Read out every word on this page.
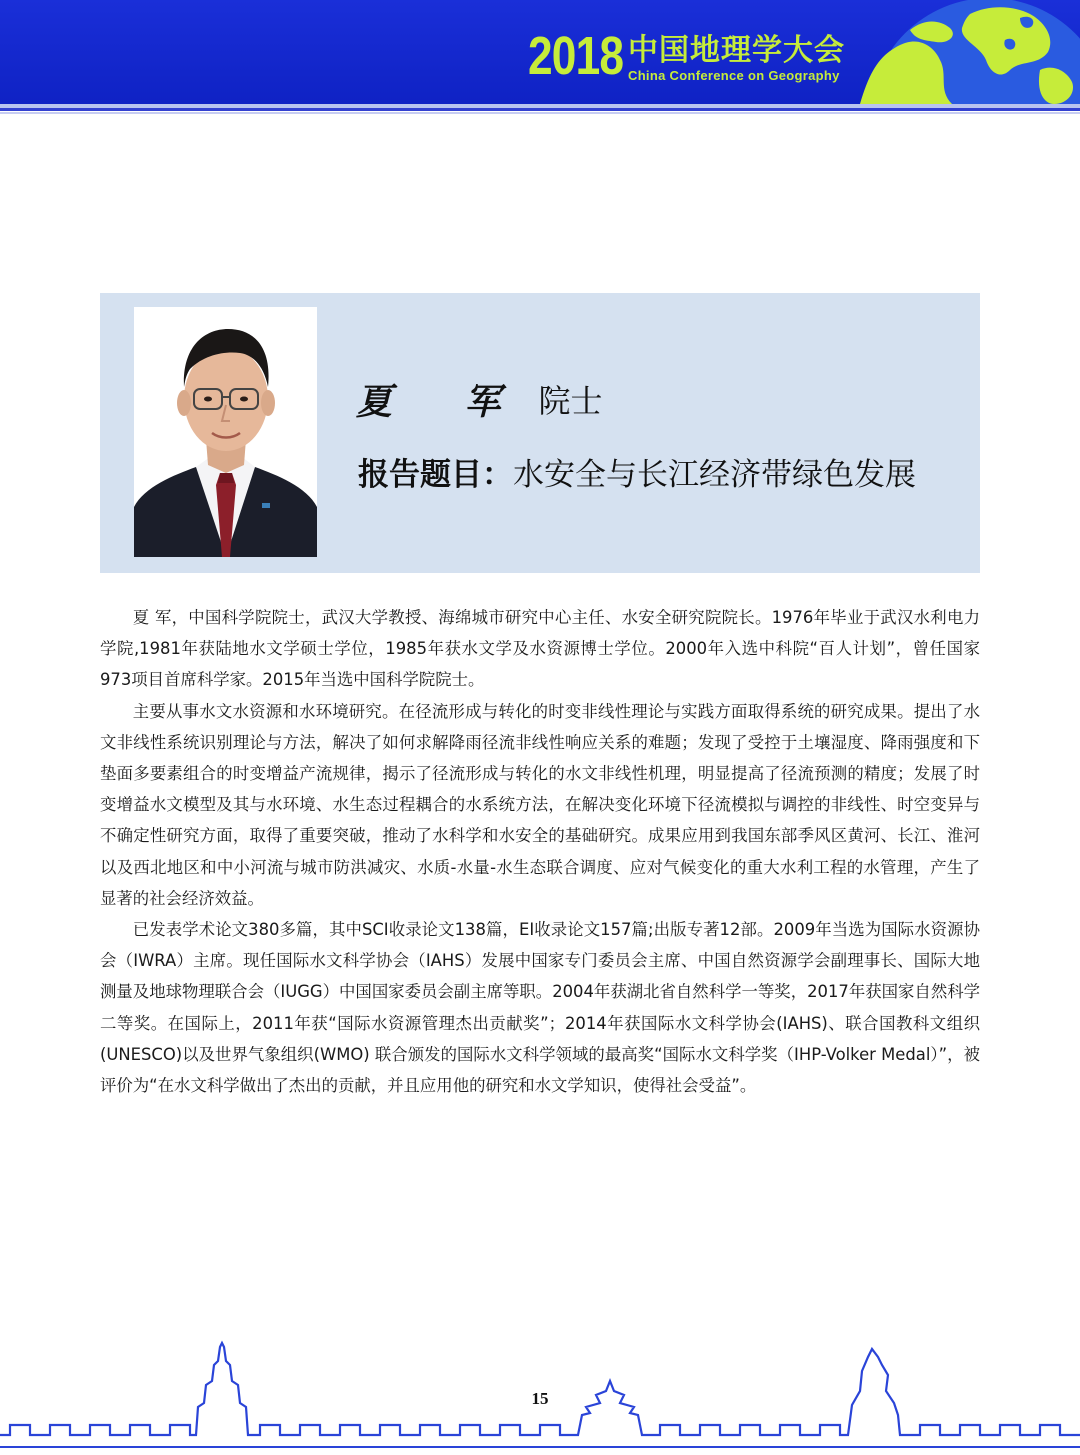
2018 中国地理学大会
China Conference on Geography
夏 军 院士
报告题目：水安全与长江经济带绿色发展

夏 军，中国科学院院士，武汉大学教授、海绵城市研究中心主任、水安全研究院院长。1976年毕业于武汉水利电力学院,1981年获陆地水文学硕士学位，1985年获水文学及水资源博士学位。2000年入选中科院“百人计划”，曾任国家973项目首席科学家。2015年当选中国科学院院士。

主要从事水文水资源和水环境研究。在径流形成与转化的时变非线性理论与实践方面取得系统的研究成果。提出了水文非线性系统识别理论与方法，解决了如何求解降雨径流非线性响应关系的难题；发现了受控于土壤湿度、降雨强度和下垫面多要素组合的时变增益产流规律，揭示了径流形成与转化的水文非线性机理，明显提高了径流预测的精度；发展了时变增益水文模型及其与水环境、水生态过程耦合的水系统方法，在解决变化环境下径流模拟与调控的非线性、时空变异与不确定性研究方面，取得了重要突破，推动了水科学和水安全的基础研究。成果应用到我国东部季风区黄河、长江、淮河以及西北地区和中小河流与城市防洪减灾、水质-水量-水生态联合调度、应对气候变化的重大水利工程的水管理，产生了显著的社会经济效益。

已发表学术论文380多篇，其中SCI收录论文138篇，EI收录论文157篇;出版专著12部。2009年当选为国际水资源协会（IWRA）主席。现任国际水文科学协会（IAHS）发展中国家专门委员会主席、中国自然资源学会副理事长、国际大地测量及地球物理联合会（IUGG）中国国家委员会副主席等职。2004年获湖北省自然科学一等奖，2017年获国家自然科学二等奖。在国际上，2011年获“国际水资源管理杰出贡献奖”；2014年获国际水文科学协会(IAHS)、联合国教科文组织(UNESCO)以及世界气象组织(WMO) 联合颁发的国际水文科学领域的最高奖“国际水文科学奖（IHP-Volker Medal）”，被评价为“在水文科学做出了杰出的贡献，并且应用他的研究和水文学知识，使得社会受益”。

15
